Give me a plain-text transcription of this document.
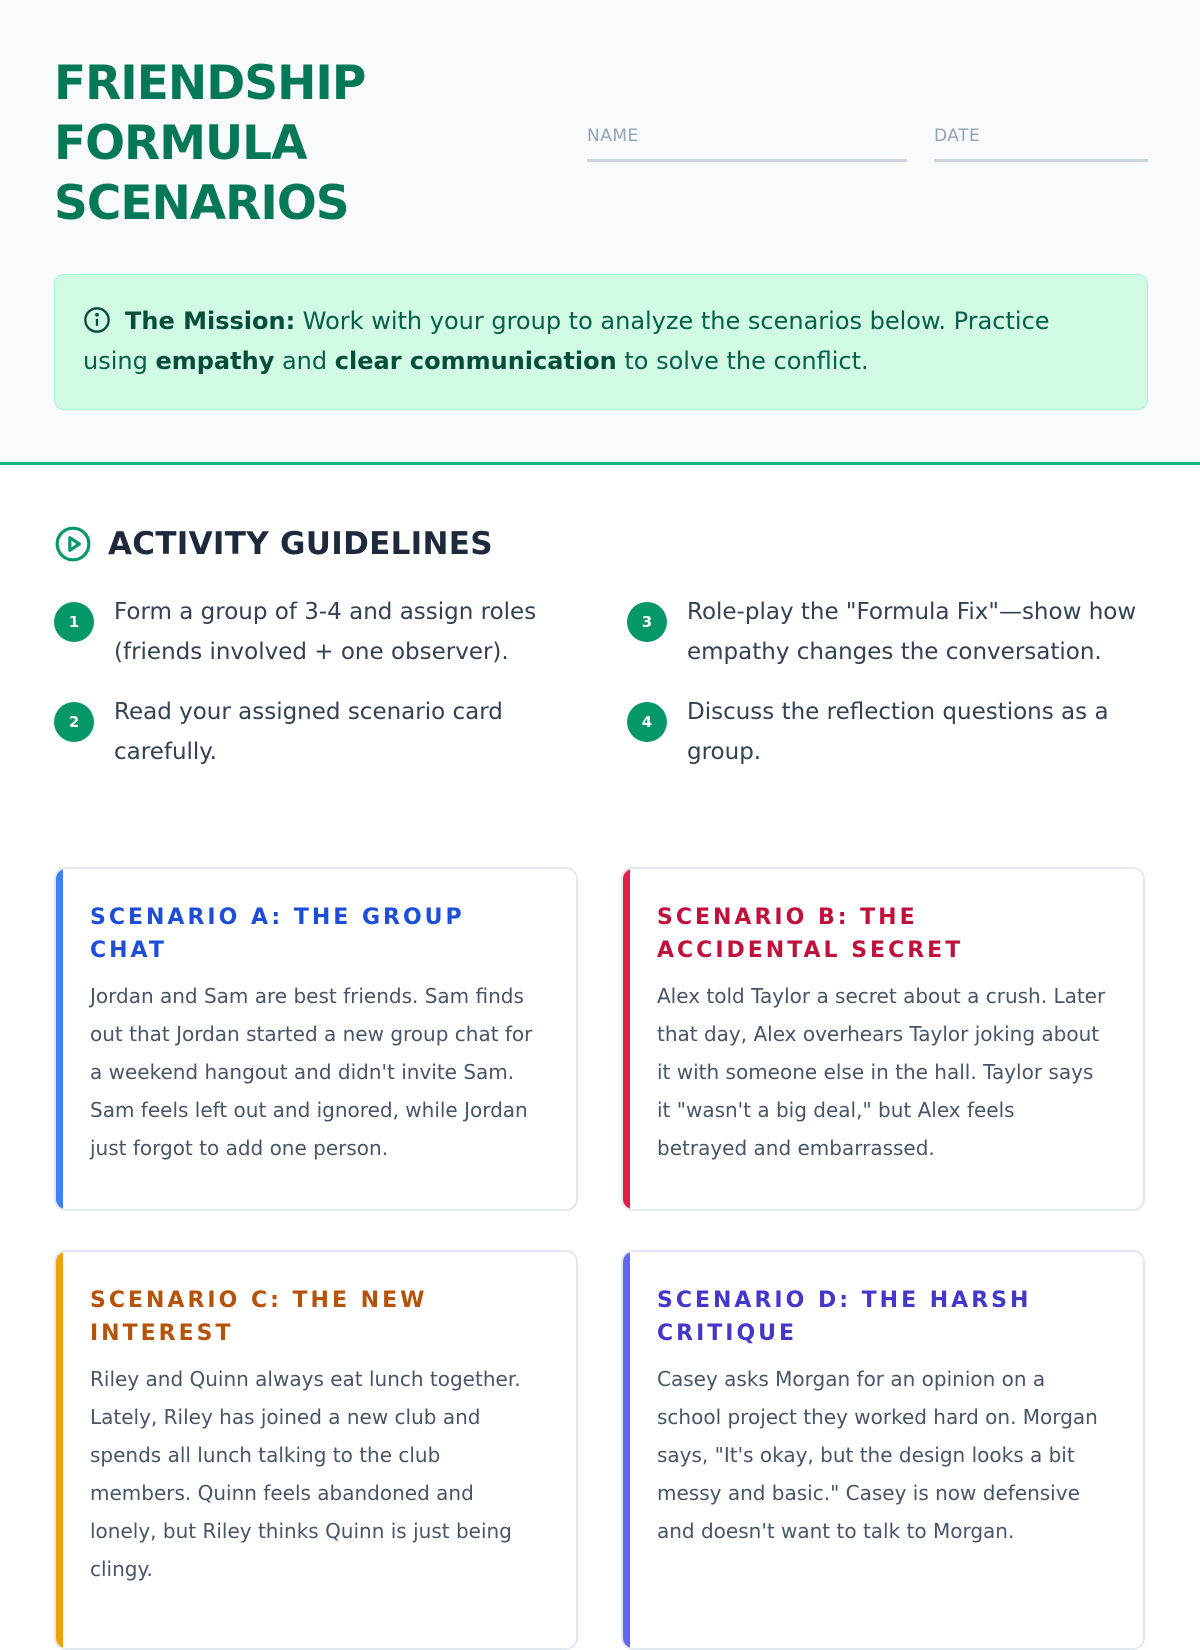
FRIENDSHIP
FORMULA
SCENARIOS
NAME	DATE
The Mission: Work with your group to analyze the scenarios below. Practice using empathy and clear communication to solve the conflict.
ACTIVITY GUIDELINES
1	Form a group of 3-4 and assign roles (friends involved + one observer).
2	Read your assigned scenario card carefully.
3	Role-play the "Formula Fix"—show how empathy changes the conversation.
4	Discuss the reflection questions as a group.
SCENARIO A: THE GROUP CHAT

Jordan and Sam are best friends. Sam finds out that Jordan started a new group chat for a weekend hangout and didn't invite Sam. Sam feels left out and ignored, while Jordan just forgot to add one person.

SCENARIO B: THE ACCIDENTAL SECRET

Alex told Taylor a secret about a crush. Later that day, Alex overhears Taylor joking about it with someone else in the hall. Taylor says it "wasn't a big deal," but Alex feels betrayed and embarrassed.

SCENARIO C: THE NEW INTEREST

Riley and Quinn always eat lunch together. Lately, Riley has joined a new club and spends all lunch talking to the club members. Quinn feels abandoned and lonely, but Riley thinks Quinn is just being clingy.

SCENARIO D: THE HARSH CRITIQUE

Casey asks Morgan for an opinion on a school project they worked hard on. Morgan says, "It's okay, but the design looks a bit messy and basic." Casey is now defensive and doesn't want to talk to Morgan.
